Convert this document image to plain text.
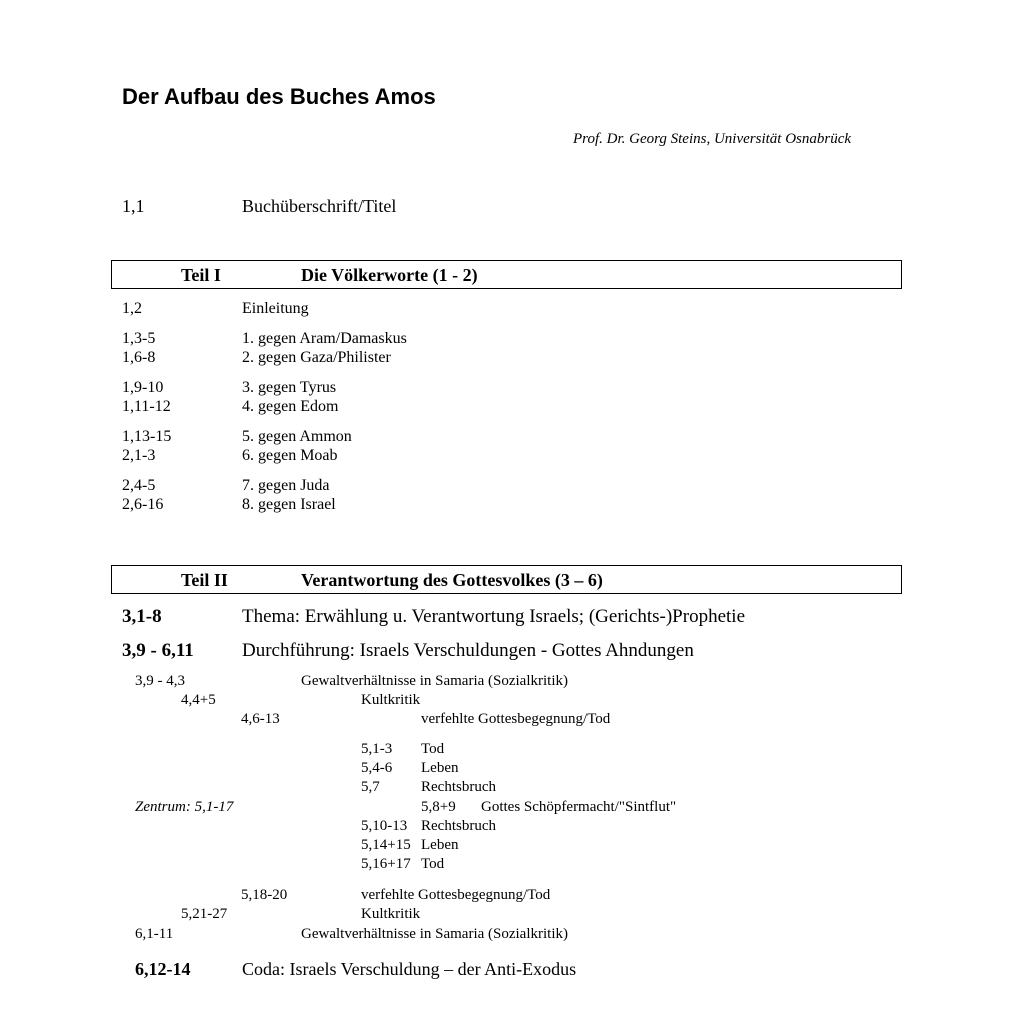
Der Aufbau des Buches Amos
Prof. Dr. Georg Steins, Universität Osnabrück
1,1	Buchüberschrift/Titel
Teil I	Die Völkerworte (1 - 2)
1,2	Einleitung
1,3-5	1. gegen Aram/Damaskus
1,6-8	2. gegen Gaza/Philister
1,9-10	3. gegen Tyrus
1,11-12	4. gegen Edom
1,13-15	5. gegen Ammon
2,1-3	6. gegen Moab
2,4-5	7. gegen Juda
2,6-16	8. gegen Israel
Teil II	Verantwortung des Gottesvolkes (3 – 6)
3,1-8	Thema: Erwählung u. Verantwortung Israels; (Gerichts-)Prophetie
3,9 - 6,11	Durchführung: Israels Verschuldungen - Gottes Ahndungen
3,9 - 4,3	Gewaltverhältnisse in Samaria (Sozialkritik)
4,4+5	Kultkritik
4,6-13	verfehlte Gottesbegegnung/Tod
5,1-3 Tod
5,4-6 Leben
5,7	Rechtsbruch
Zentrum: 5,1-17	5,8+9 Gottes Schöpfermacht/"Sintflut"
5,10-13 Rechtsbruch
5,14+15 Leben
5,16+17 Tod
5,18-20	verfehlte Gottesbegegnung/Tod
5,21-27	Kultkritik
6,1-11	Gewaltverhältnisse in Samaria (Sozialkritik)
6,12-14	Coda: Israels Verschuldung – der Anti-Exodus
